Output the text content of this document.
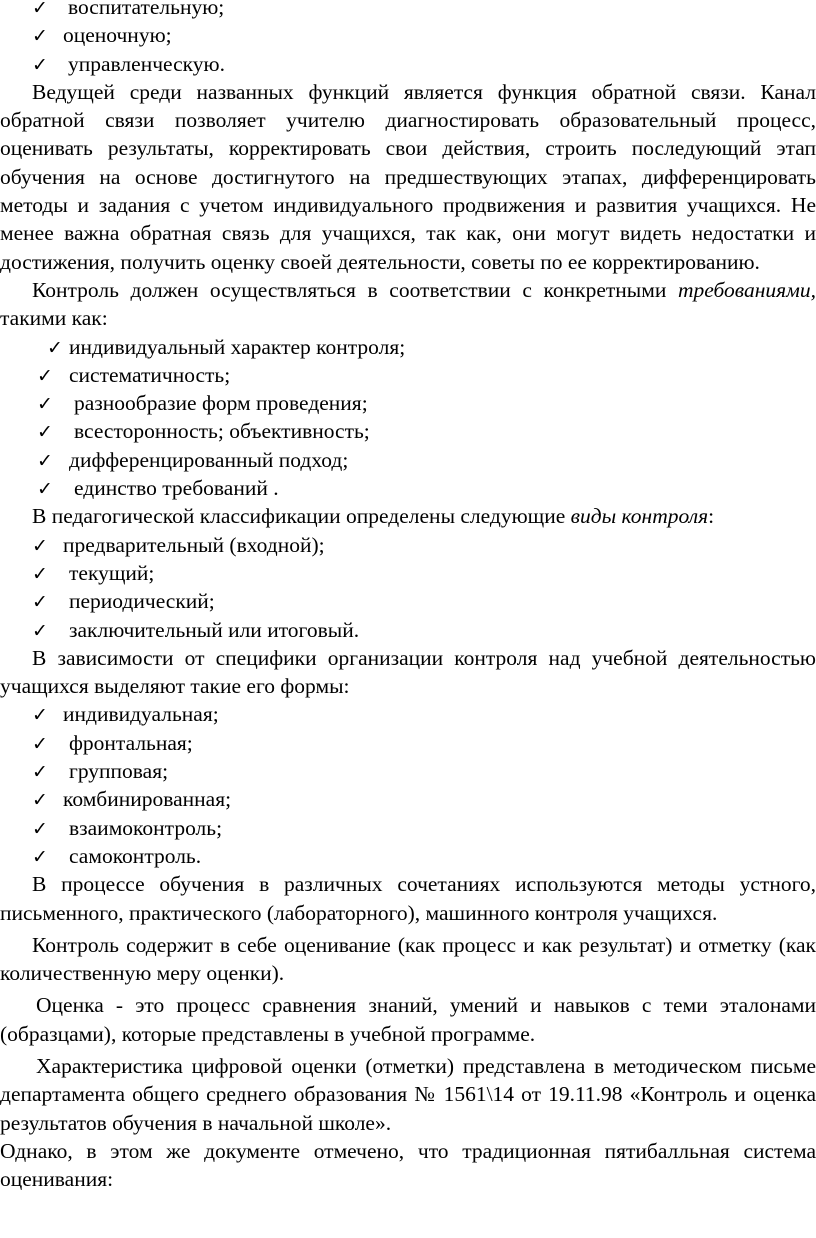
✓ воспитательную;
✓ оценочную;
✓ управленческую.

Ведущей среди названных функций является функция обратной связи. Канал обратной связи позволяет учителю диагностировать образовательный процесс, оценивать результаты, корректировать свои действия, строить последующий этап обучения на основе достигнутого на предшествующих этапах, дифференцировать методы и задания с учетом индивидуального продвижения и развития учащихся. Не менее важна обратная связь для учащихся, так как, они могут видеть недостатки и достижения, получить оценку своей деятельности, советы по ее корректированию.

Контроль должен осуществляться в соответствии с конкретными требованиями, такими как:

✓ индивидуальный характер контроля;
✓ систематичность;
✓ разнообразие форм проведения;
✓ всесторонность; объективность;
✓ дифференцированный подход;
✓ единство требований .

В педагогической классификации определены следующие виды контроля:

✓ предварительный (входной);
✓ текущий;
✓ периодический;
✓ заключительный или итоговый.

В зависимости от специфики организации контроля над учебной деятельностью учащихся выделяют такие его формы:

✓ индивидуальная;
✓ фронтальная;
✓ групповая;
✓ комбинированная;
✓ взаимоконтроль;
✓ самоконтроль.

В процессе обучения в различных сочетаниях используются методы устного, письменного, практического (лабораторного), машинного контроля учащихся.

Контроль содержит в себе оценивание (как процесс и как результат) и отметку (как количественную меру оценки).

Оценка - это процесс сравнения знаний, умений и навыков с теми эталонами (образцами), которые представлены в учебной программе.

Характеристика цифровой оценки (отметки) представлена в методическом письме департамента общего среднего образования № 1561\14 от 19.11.98 «Контроль и оценка результатов обучения в начальной школе».

Однако, в этом же документе отмечено, что традиционная пятибалльная система оценивания:
